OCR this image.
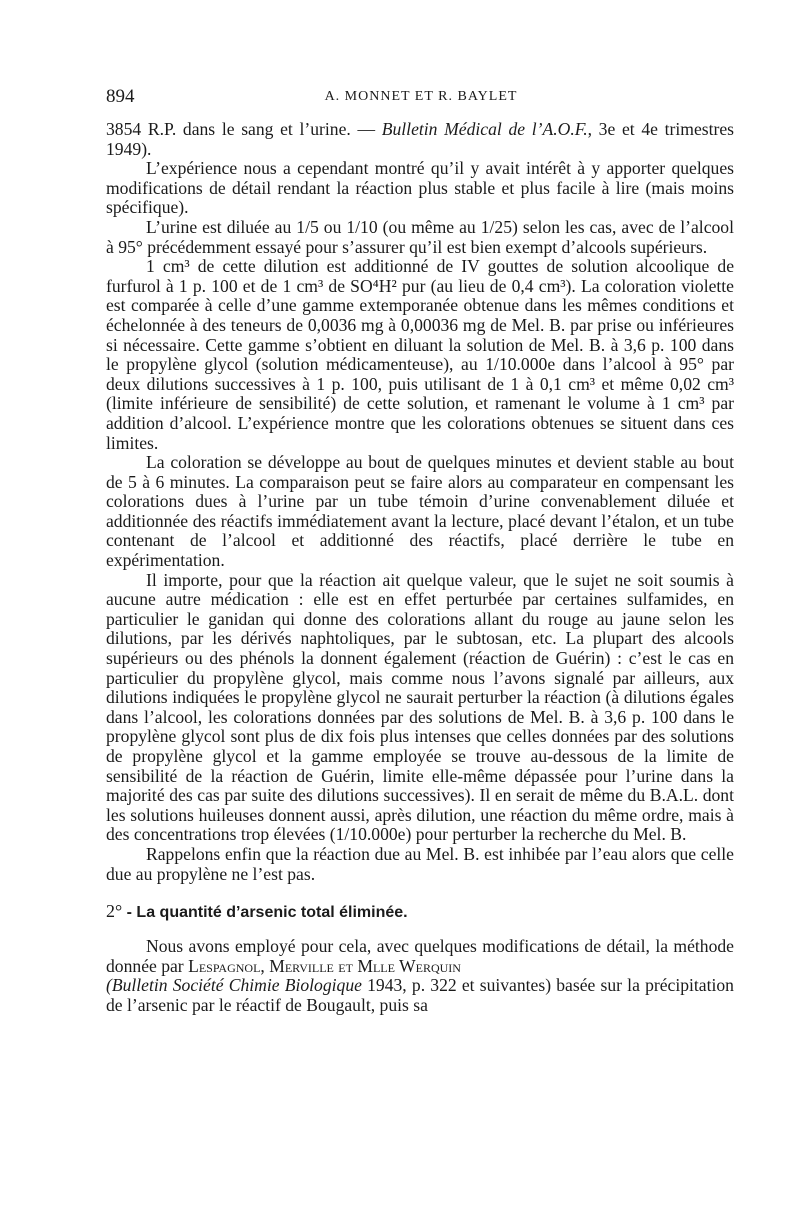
894	A. MONNET ET R. BAYLET

3854 R.P. dans le sang et l’urine. — Bulletin Médical de l’A.O.F., 3e et 4e trimestres 1949).

L’expérience nous a cependant montré qu’il y avait intérêt à y apporter quelques modifications de détail rendant la réaction plus stable et plus facile à lire (mais moins spécifique).

L’urine est diluée au 1/5 ou 1/10 (ou même au 1/25) selon les cas, avec de l’alcool à 95° précédemment essayé pour s’assurer qu’il est bien exempt d’alcools supérieurs.

1 cm³ de cette dilution est additionné de IV gouttes de solution alcoolique de furfurol à 1 p. 100 et de 1 cm³ de SO⁴H² pur (au lieu de 0,4 cm³). La coloration violette est comparée à celle d’une gamme extemporanée obtenue dans les mêmes conditions et échelonnée à des teneurs de 0,0036 mg à 0,00036 mg de Mel. B. par prise ou inférieures si nécessaire. Cette gamme s’obtient en diluant la solution de Mel. B. à 3,6 p. 100 dans le propylène glycol (solution médicamenteuse), au 1/10.000e dans l’alcool à 95° par deux dilutions successives à 1 p. 100, puis utilisant de 1 à 0,1 cm³ et même 0,02 cm³ (limite inférieure de sensibilité) de cette solution, et ramenant le volume à 1 cm³ par addition d’alcool. L’expérience montre que les colorations obtenues se situent dans ces limites.

La coloration se développe au bout de quelques minutes et devient stable au bout de 5 à 6 minutes. La comparaison peut se faire alors au comparateur en compensant les colorations dues à l’urine par un tube témoin d’urine convenablement diluée et additionnée des réactifs immédiatement avant la lecture, placé devant l’étalon, et un tube contenant de l’alcool et additionné des réactifs, placé derrière le tube en expérimentation.

Il importe, pour que la réaction ait quelque valeur, que le sujet ne soit soumis à aucune autre médication : elle est en effet perturbée par certaines sulfamides, en particulier le ganidan qui donne des colorations allant du rouge au jaune selon les dilutions, par les dérivés naphtoliques, par le subtosan, etc. La plupart des alcools supérieurs ou des phénols la donnent également (réaction de Guérin) : c’est le cas en particulier du propylène glycol, mais comme nous l’avons signalé par ailleurs, aux dilutions indiquées le propylène glycol ne saurait perturber la réaction (à dilutions égales dans l’alcool, les colorations données par des solutions de Mel. B. à 3,6 p. 100 dans le propylène glycol sont plus de dix fois plus intenses que celles données par des solutions de propylène glycol et la gamme employée se trouve au-dessous de la limite de sensibilité de la réaction de Guérin, limite elle-même dépassée pour l’urine dans la majorité des cas par suite des dilutions successives). Il en serait de même du B.A.L. dont les solutions huileuses donnent aussi, après dilution, une réaction du même ordre, mais à des concentrations trop élevées (1/10.000e) pour perturber la recherche du Mel. B.

Rappelons enfin que la réaction due au Mel. B. est inhibée par l’eau alors que celle due au propylène ne l’est pas.

2° - La quantité d’arsenic total éliminée.

Nous avons employé pour cela, avec quelques modifications de détail, la méthode donnée par Lespagnol, Merville et Mlle Werquin
(Bulletin Société Chimie Biologique 1943, p. 322 et suivantes) basée sur la précipitation de l’arsenic par le réactif de Bougault, puis sa
